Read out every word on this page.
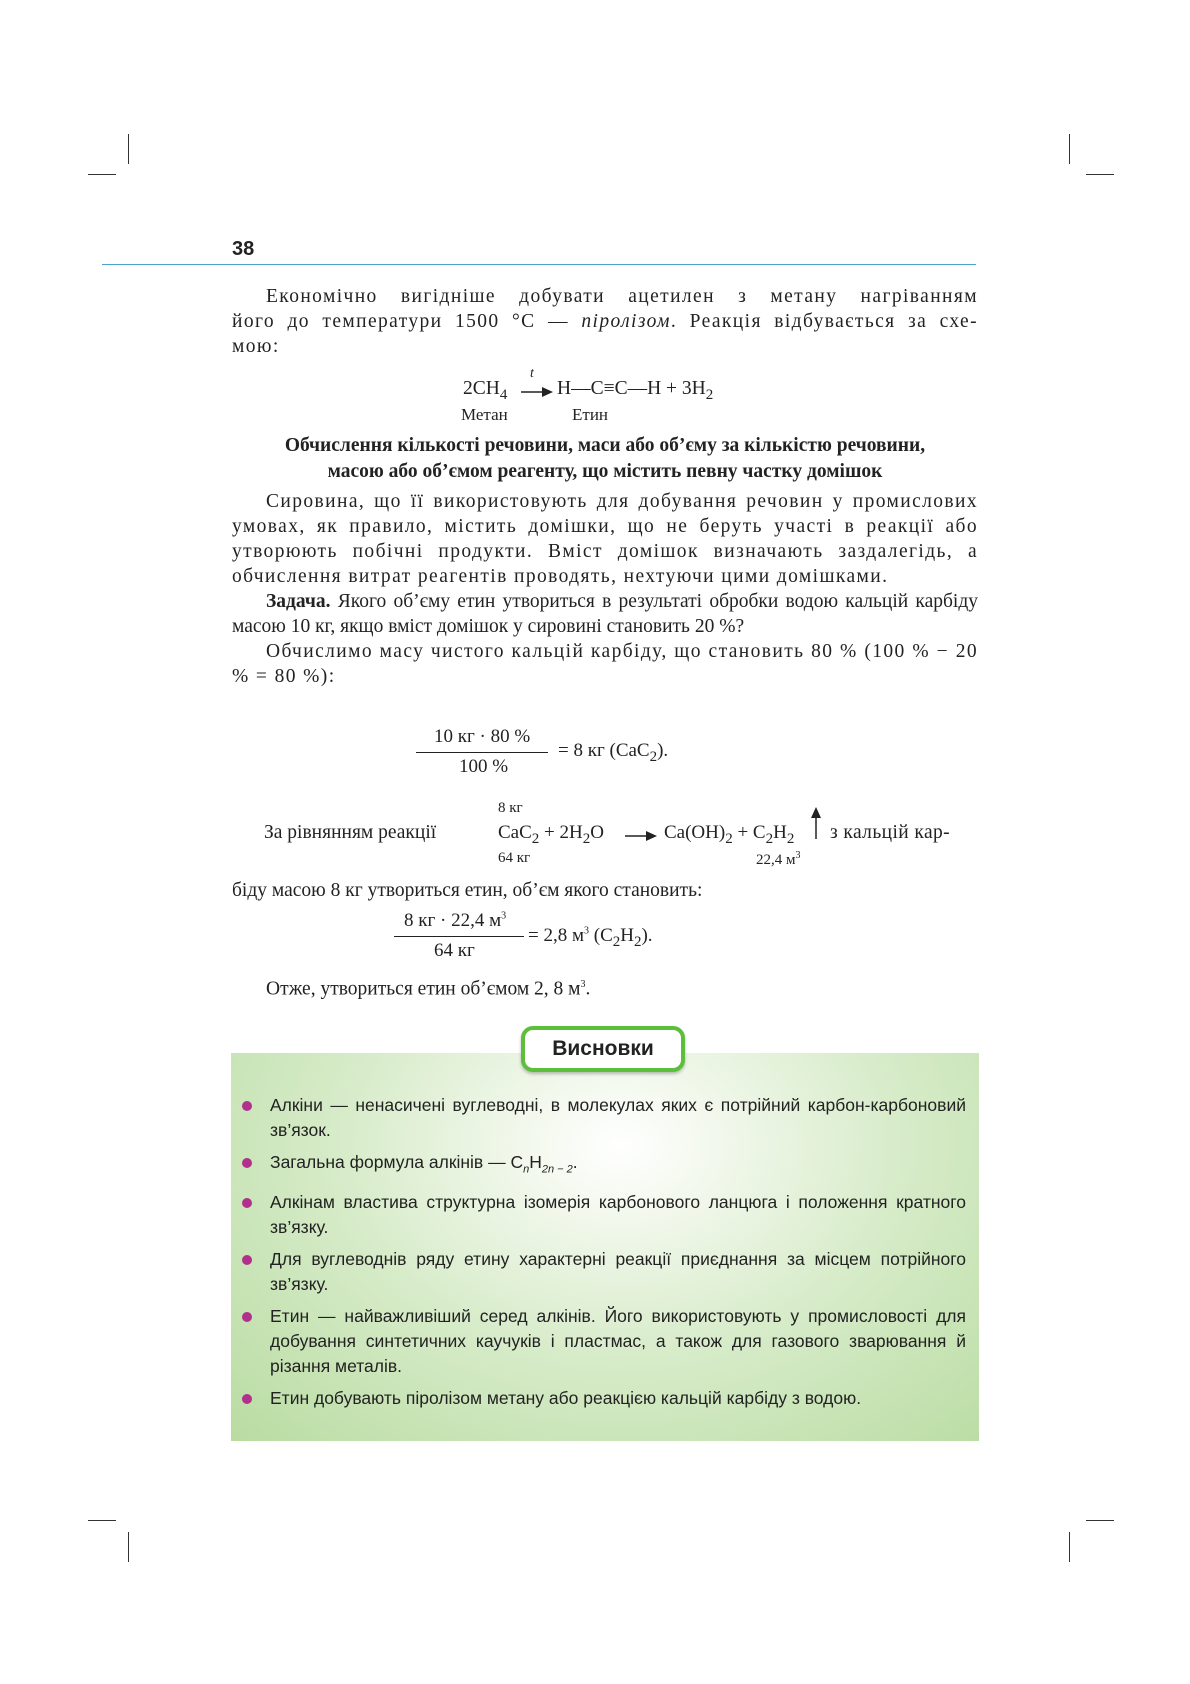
38

Економічно вигідніше добувати ацетилен з метану нагріванням

його до температури 1500 °C — піролізом. Реакція відбувається за схе-

мою:

$2CH_4$
t
→ H—C≡C—H + $3H_2$
Метан	Етин
Обчислення кількості речовини, маси або об’єму за кількістю речовини,
масою або об’ємом реагенту, що містить певну частку домішок

Сировина, що її використовують для добування речовин у промислових умовах, як правило, містить домішки, що не беруть участі в реакції або утворюють побічні продукти. Вміст домішок визначають заздалегідь, а обчислення витрат реагентів проводять, нехтуючи цими домішками.

Задача. Якого об’єму етин утвориться в результаті обробки водою кальцій карбіду масою 10 кг, якщо вміст домішок у сировині становить 20 %?

Обчислимо масу чистого кальцій карбіду, що становить 80 % (100 % − 20 % = 80 %):

10 кг · 80 %
100 %
= 8 кг (CaC$_2$).
8 кг
За рівнянням реакції	$CaC_2 + 2H_2O \to Ca(OH)_2 + C_2H_2$ з кальцій кар-
64 кг	22,4 $м^3$

біду масою 8 кг утвориться етин, об’єм якого становить:

8 кг · 22,4 $м^3$
64 кг
= 2,8 $м^3$ $(C_2H_2)$.

Отже, утвориться етин об’ємом 2, 8 $м^3$.

Висновки
Алкіни — ненасичені вуглеводні, в молекулах яких є потрійний карбон-карбоновий зв’язок.
Загальна формула алкінів — $C_nH_{2n - 2}$.
Алкінам властива структурна ізомерія карбонового ланцюга і положення кратного зв’язку.
Для вуглеводнів ряду етину характерні реакції приєднання за місцем потрійного зв’язку.
Етин — найважливіший серед алкінів. Його використовують у промисловості для добування синтетичних каучуків і пластмас, а також для газового зварювання й різання металів.
Етин добувають піролізом метану або реакцією кальцій карбіду з водою.
